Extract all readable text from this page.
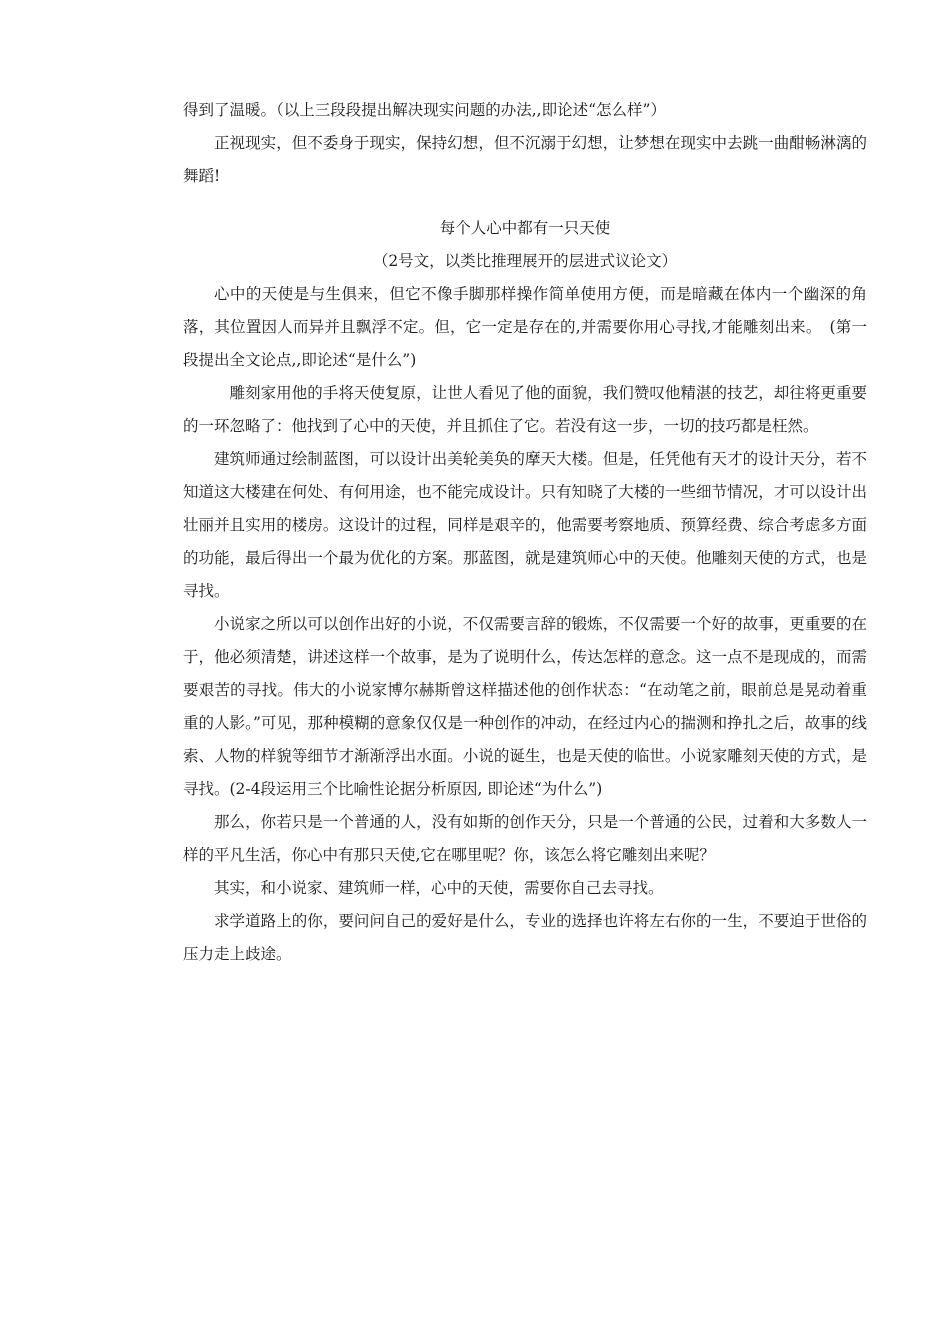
得到了温暖。（以上三段段提出解决现实问题的办法,,即论述“怎么样”）

正视现实，但不委身于现实，保持幻想，但不沉溺于幻想，让梦想在现实中去跳一曲酣畅淋漓的舞蹈!

每个人心中都有一只天使

（2号文，以类比推理展开的层进式议论文）

心中的天使是与生俱来，但它不像手脚那样操作简单使用方便，而是暗藏在体内一个幽深的角落，其位置因人而异并且飘浮不定。但，它一定是存在的,并需要你用心寻找,才能雕刻出来。　(第一段提出全文论点,,即论述“是什么”)

雕刻家用他的手将天使复原，让世人看见了他的面貌，我们赞叹他精湛的技艺，却往将更重要的一环忽略了：他找到了心中的天使，并且抓住了它。若没有这一步，一切的技巧都是枉然。

建筑师通过绘制蓝图，可以设计出美轮美奂的摩天大楼。但是，任凭他有天才的设计天分，若不知道这大楼建在何处、有何用途，也不能完成设计。只有知晓了大楼的一些细节情况，才可以设计出壮丽并且实用的楼房。这设计的过程，同样是艰辛的，他需要考察地质、预算经费、综合考虑多方面的功能，最后得出一个最为优化的方案。那蓝图，就是建筑师心中的天使。他雕刻天使的方式，也是寻找。

小说家之所以可以创作出好的小说，不仅需要言辞的锻炼，不仅需要一个好的故事，更重要的在于，他必须清楚，讲述这样一个故事，是为了说明什么，传达怎样的意念。这一点不是现成的，而需要艰苦的寻找。伟大的小说家博尔赫斯曾这样描述他的创作状态：“在动笔之前，眼前总是晃动着重重的人影。”可见，那种模糊的意象仅仅是一种创作的冲动，在经过内心的揣测和挣扎之后，故事的线索、人物的样貌等细节才渐渐浮出水面。小说的诞生，也是天使的临世。小说家雕刻天使的方式，是寻找。(2-4段运用三个比喻性论据分析原因, 即论述“为什么”)

那么，你若只是一个普通的人，没有如斯的创作天分，只是一个普通的公民，过着和大多数人一样的平凡生活，你心中有那只天使,它在哪里呢？你，该怎么将它雕刻出来呢？

其实，和小说家、建筑师一样，心中的天使，需要你自己去寻找。

求学道路上的你，要问问自己的爱好是什么，专业的选择也许将左右你的一生，不要迫于世俗的压力走上歧途。
